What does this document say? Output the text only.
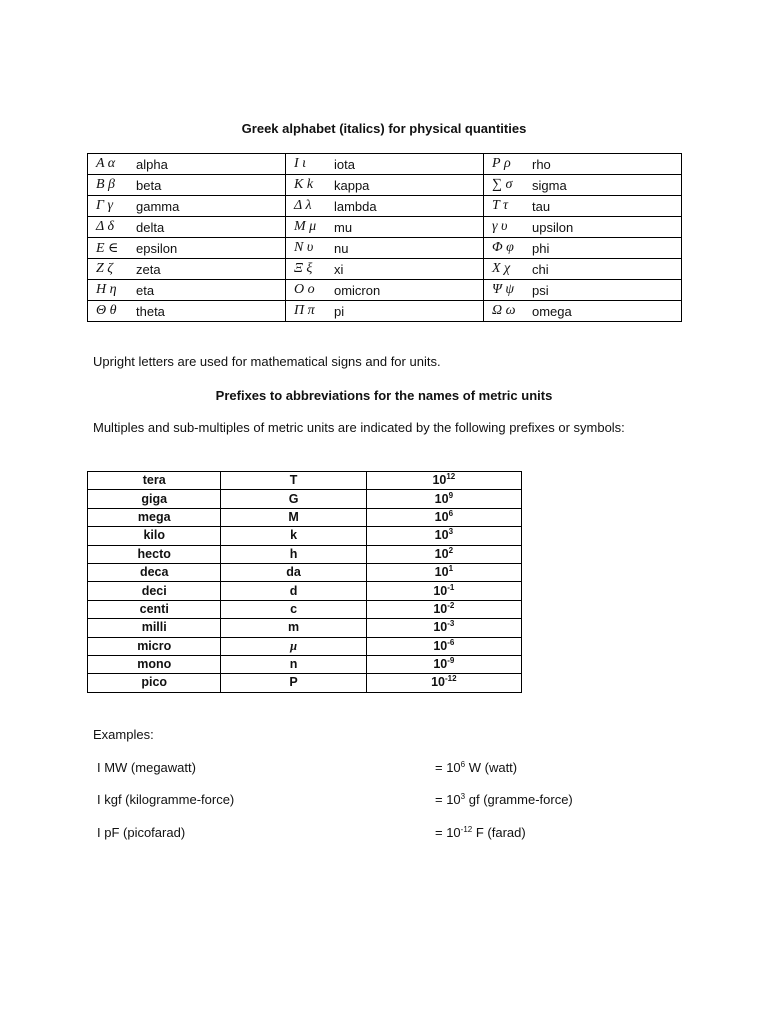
Greek alphabet (italics) for physical quantities
Α α alpha	Ι ι iota	Ρ ρ rho

Β β beta	Κ k kappa	∑ σ sigma

Γ γ gamma	Δ λ lambda	Τ τ tau

Δ δ delta	Μ μ mu	γ υ upsilon

Ε ∈ epsilon	Ν υ nu	Φ φ phi

Ζ ζ zeta	Ξ ξ xi	Χ χ chi

Η η eta	Ο ο omicron	Ψ ψ psi

Θ θ theta	Π π pi	Ω ω omega
Upright letters are used for mathematical signs and for units.
Prefixes to abbreviations for the names of metric units
Multiples and sub-multiples of metric units are indicated by the following prefixes or symbols:
tera	T	$10^{12}$
giga	G	$10^9$
mega	M	$10^6$
kilo	k	$10^3$
hecto	h	$10^2$
deca	da	$10^1$
deci	d	$10^{-1}$
centi	c	$10^{-2}$
milli	m	$10^{-3}$
micro	μ	$10^{-6}$
mono	n	$10^{-9}$
pico	P	$10^{-12}$
Examples:
I MW (megawatt)	= $10^6$ W (watt)
I kgf (kilogramme-force)	= $10^3$ gf (gramme-force)
I pF (picofarad)	= $10^{-12}$ F (farad)
